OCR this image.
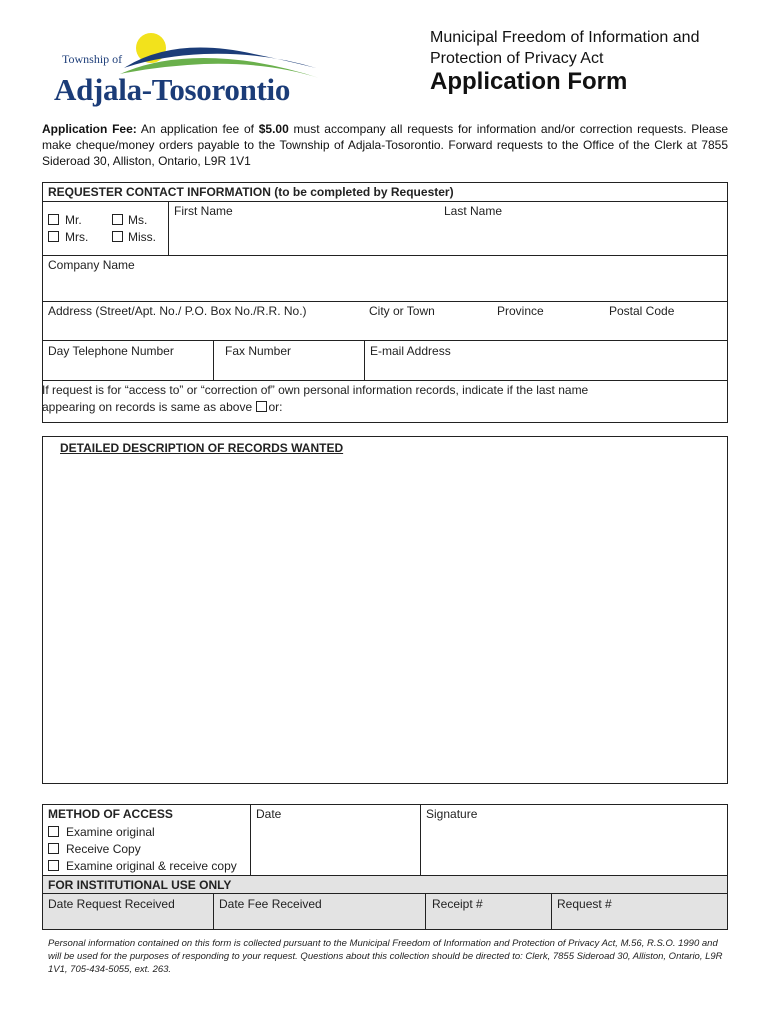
Township of
Adjala-Tosorontio
Municipal Freedom of Information and
Protection of Privacy Act
Application Form
Application Fee: An application fee of $5.00 must accompany all requests for information and/or correction requests. Please make cheque/money orders payable to the Township of Adjala-Tosorontio. Forward requests to the Office of the Clerk at 7855 Sideroad 30, Alliston, Ontario, L9R 1V1
REQUESTER CONTACT INFORMATION (to be completed by Requester)
Mr.	Ms.
Mrs.	Miss.
First Name	Last Name
Company Name
Address (Street/Apt. No./ P.O. Box No./R.R. No.)	City or Town	Province	Postal Code
Day Telephone Number	Fax Number	E-mail Address
If request is for “access to” or “correction of” own personal information records, indicate if the last name
appearing on records is same as above or:
DETAILED DESCRIPTION OF RECORDS WANTED
METHOD OF ACCESS
Examine original
Receive Copy
Examine original & receive copy
Date	Signature
FOR INSTITUTIONAL USE ONLY
Date Request Received	Date Fee Received	Receipt #	Request #
Personal information contained on this form is collected pursuant to the Municipal Freedom of Information and Protection of Privacy Act, M.56, R.S.O. 1990 and will be used for the purposes of responding to your request. Questions about this collection should be directed to: Clerk, 7855 Sideroad 30, Alliston, Ontario, L9R 1V1, 705-434-5055, ext. 263.
